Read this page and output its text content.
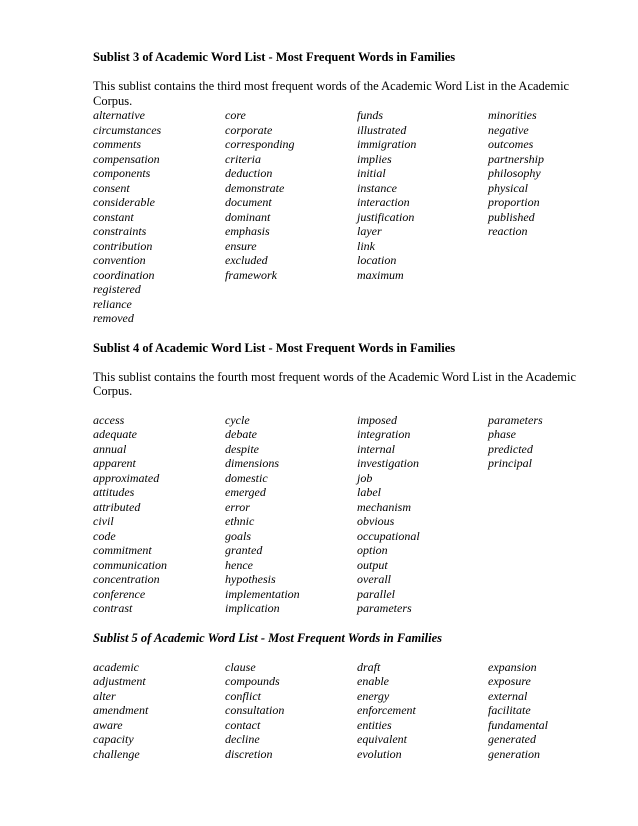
Sublist 3 of Academic Word List - Most Frequent Words in Families

This sublist contains the third most frequent words of the Academic Word List in the Academic Corpus.

alternative
circumstances
comments
compensation
components
consent
considerable
constant
constraints
contribution
convention
coordination
registered
reliance
removed
core
corporate
corresponding
criteria
deduction
demonstrate
document
dominant
emphasis
ensure
excluded
framework
funds
illustrated
immigration
implies
initial
instance
interaction
justification
layer
link
location
maximum
minorities
negative
outcomes
partnership
philosophy
physical
proportion
published
reaction

Sublist 4 of Academic Word List - Most Frequent Words in Families

This sublist contains the fourth most frequent words of the Academic Word List in the Academic Corpus.

access
adequate
annual
apparent
approximated
attitudes
attributed
civil
code
commitment
communication
concentration
conference
contrast
cycle
debate
despite
dimensions
domestic
emerged
error
ethnic
goals
granted
hence
hypothesis
implementation
implication
imposed
integration
internal
investigation
job
label
mechanism
obvious
occupational
option
output
overall
parallel
parameters
parameters
phase
predicted
principal

Sublist 5 of Academic Word List - Most Frequent Words in Families

academic
adjustment
alter
amendment
aware
capacity
challenge
clause
compounds
conflict
consultation
contact
decline
discretion
draft
enable
energy
enforcement
entities
equivalent
evolution
expansion
exposure
external
facilitate
fundamental
generated
generation
